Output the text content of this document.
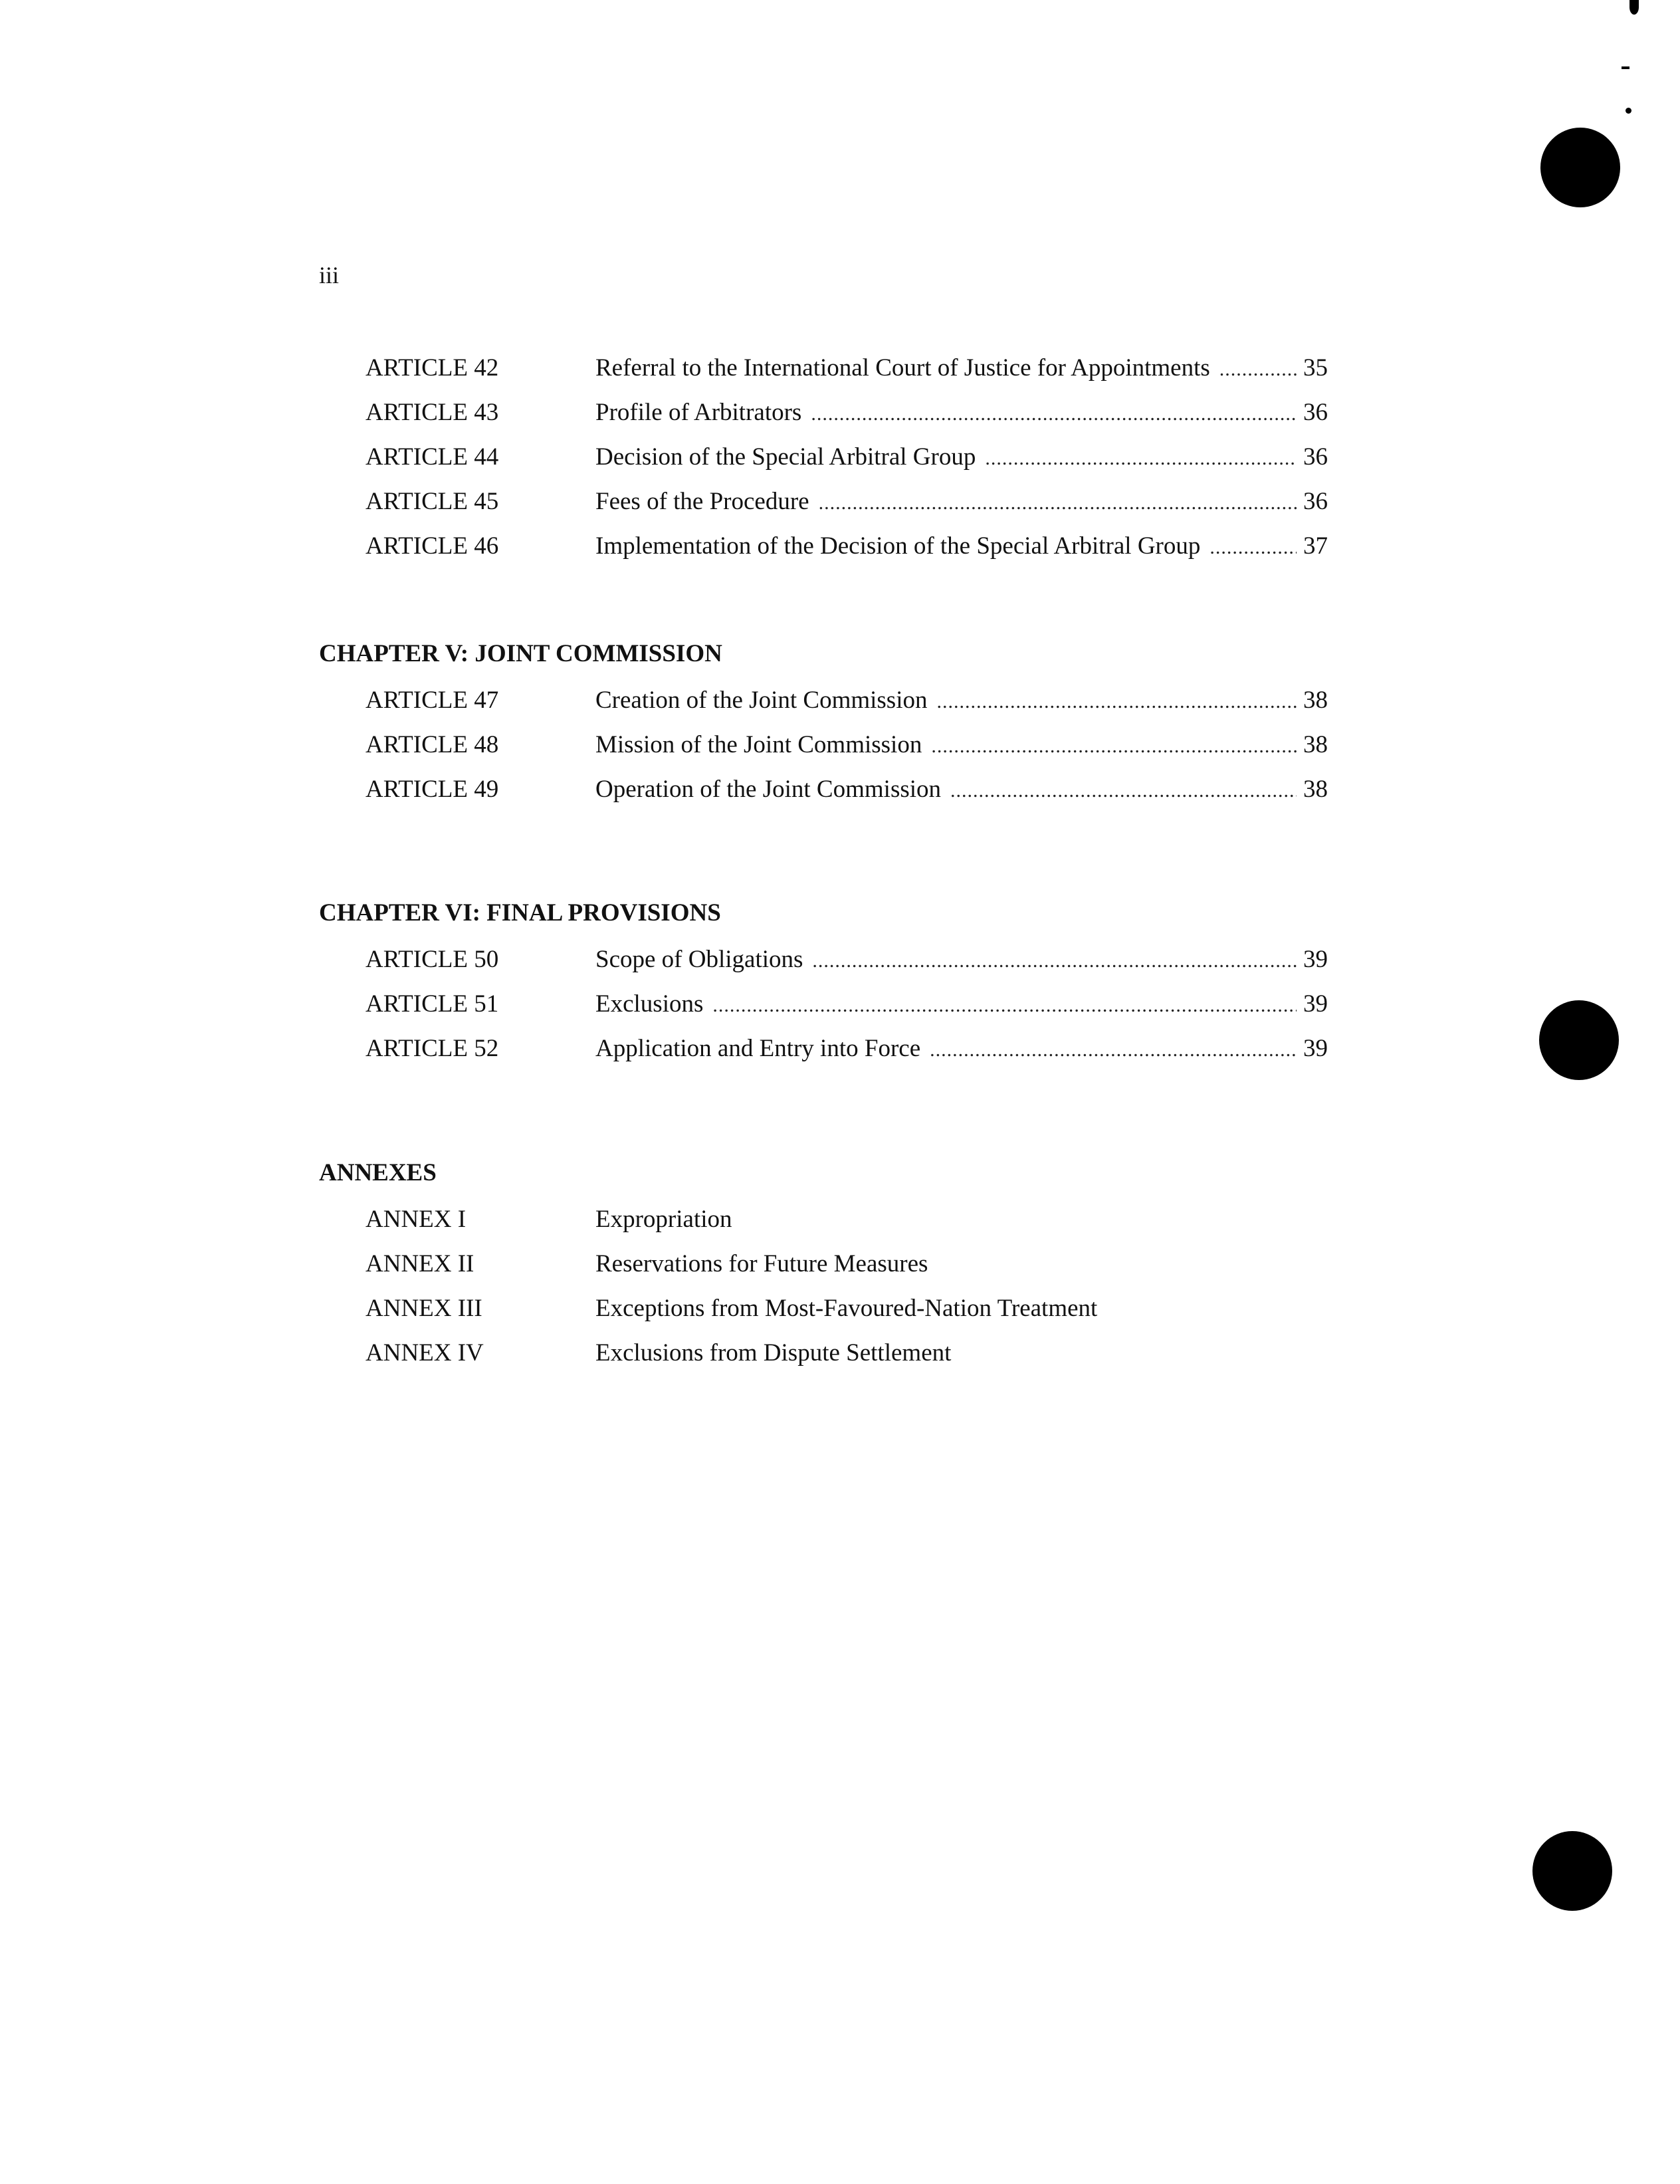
iii
ARTICLE 42	Referral to the International Court of Justice for Appointments .....	35
ARTICLE 43	Profile of Arbitrators .....	36
ARTICLE 44	Decision of the Special Arbitral Group .....	36
ARTICLE 45	Fees of the Procedure .....	36
ARTICLE 46	Implementation of the Decision of the Special Arbitral Group .....	37
CHAPTER V: JOINT COMMISSION
ARTICLE 47	Creation of the Joint Commission .....	38
ARTICLE 48	Mission of the Joint Commission .....	38
ARTICLE 49	Operation of the Joint Commission .....	38
CHAPTER VI: FINAL PROVISIONS
ARTICLE 50	Scope of Obligations .....	39
ARTICLE 51	Exclusions .....	39
ARTICLE 52	Application and Entry into Force .....	39
ANNEXES
ANNEX I	Expropriation
ANNEX II	Reservations for Future Measures
ANNEX III	Exceptions from Most-Favoured-Nation Treatment
ANNEX IV	Exclusions from Dispute Settlement
